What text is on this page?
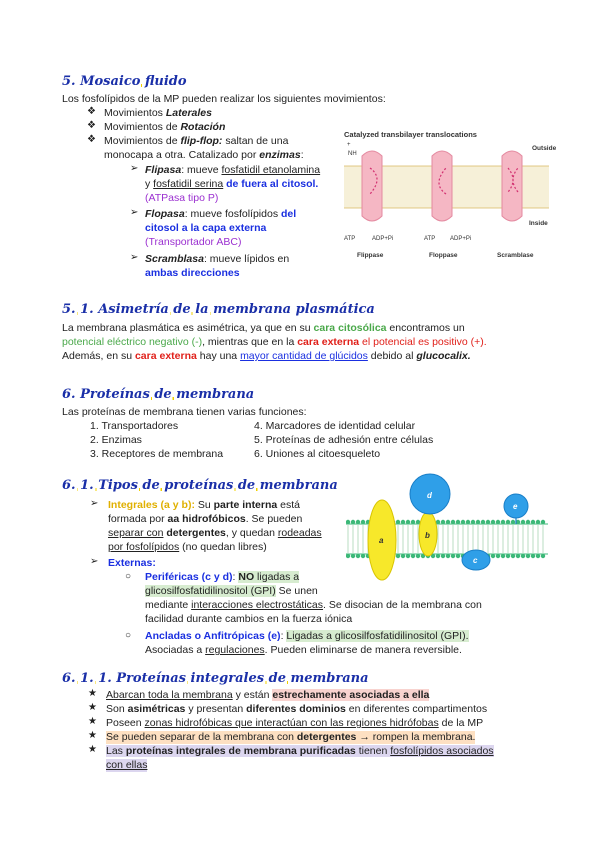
5. Mosaico fluido
Los fosfolípidos de la MP pueden realizar los siguientes movimientos:
❖ Movimientos Laterales
❖ Movimientos de Rotación
❖ Movimientos de flip-flop: saltan de una
monocapa a otra. Catalizado por enzimas:
➢ Flipasa: mueve fosfatidil etanolamina
y fosfatidil serina de fuera al citosol.
(ATPasa tipo P)
➢ Flopasa: mueve fosfolípidos del
citosol a la capa externa
(Transportador ABC)
➢ Scramblasa: mueve lípidos en
ambas direcciones
Catalyzed transbilayer translocations
Outside
Inside
+
NH
ATP	ADP+Pi	ATP ADP+Pi
Flippase	Floppase	Scramblase
5. 1. Asimetría de la membrana plasmática
La membrana plasmática es asimétrica, ya que en su cara citosólica encontramos un
potencial eléctrico negativo (-), mientras que en la cara externa el potencial es positivo (+).
Además, en su cara externa hay una mayor cantidad de glúcidos debido al glucocalix.
6. Proteínas de membrana
Las proteínas de membrana tienen varias funciones:
1. Transportadores
2. Enzimas
3. Receptores de membrana
4. Marcadores de identidad celular
5. Proteínas de adhesión entre células
6. Uniones al citoesqueleto
6. 1. Tipos de proteínas de membrana
➢ Integrales (a y b): Su parte interna está
formada por aa hidrofóbicos. Se pueden
separar con detergentes, y quedan rodeadas
por fosfolípidos (no quedan libres)
➢ Externas:
○ Periféricas (c y d): NO ligadas a
glicosilfosfatidilinositol (GPI) Se unen
mediante interacciones electrostáticas. Se disocian de la membrana con
facilidad durante cambios en la fuerza iónica
○ Ancladas o Anfitrópicas (e): Ligadas a glicosilfosfatidilinositol (GPI).
Asociadas a regulaciones. Pueden eliminarse de manera reversible.
a
b
d
e
c
6. 1. 1. Proteínas integrales de membrana
★ Abarcan toda la membrana y están estrechamente asociadas a ella
★ Son asimétricas y presentan diferentes dominios en diferentes compartimentos
★ Poseen zonas hidrofóbicas que interactúan con las regiones hidrófobas de la MP
★ Se pueden separar de la membrana con detergentes → rompen la membrana.
★ Las proteínas integrales de membrana purificadas tienen fosfolípidos asociados
con ellas
